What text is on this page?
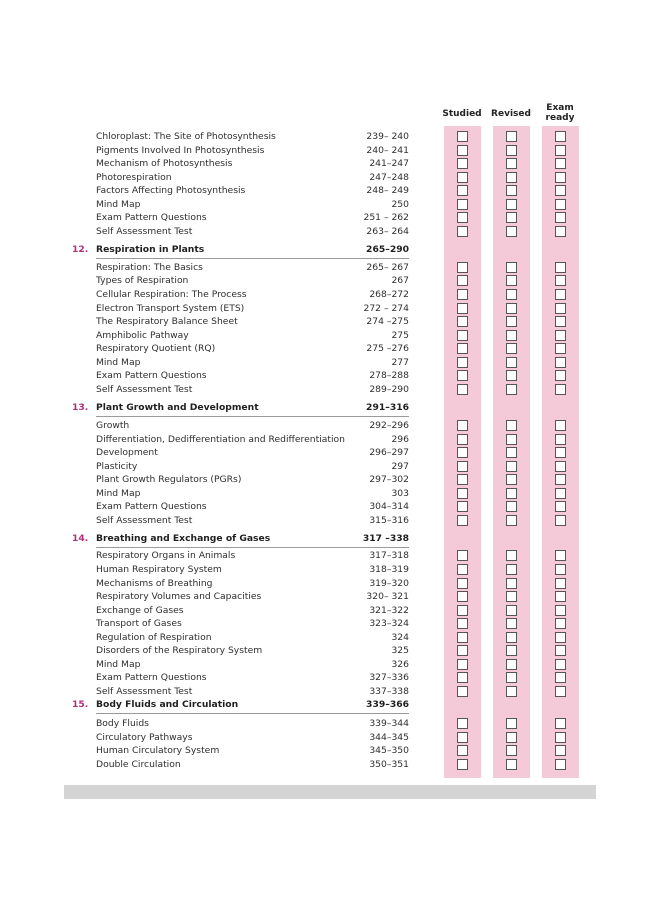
Studied Revised
Exam
ready
Chloroplast: The Site of Photosynthesis	239– 240
Pigments Involved In Photosynthesis	240– 241
Mechanism of Photosynthesis	241–247
Photorespiration	247–248
Factors Affecting Photosynthesis	248– 249
Mind Map	250
Exam Pattern Questions	251 – 262
Self Assessment Test	263– 264
12. Respiration in Plants	265–290
Respiration: The Basics	265– 267
Types of Respiration	267
Cellular Respiration: The Process	268–272
Electron Transport System (ETS)	272 – 274
The Respiratory Balance Sheet	274 –275
Amphibolic Pathway	275
Respiratory Quotient (RQ)	275 –276
Mind Map	277
Exam Pattern Questions	278–288
Self Assessment Test	289–290
13. Plant Growth and Development	291–316
Growth	292–296
Differentiation, Dedifferentiation and Redifferentiation	296
Development	296–297
Plasticity	297
Plant Growth Regulators (PGRs)	297–302
Mind Map	303
Exam Pattern Questions	304–314
Self Assessment Test	315–316
14. Breathing and Exchange of Gases	317 –338
Respiratory Organs in Animals	317–318
Human Respiratory System	318–319
Mechanisms of Breathing	319–320
Respiratory Volumes and Capacities	320– 321
Exchange of Gases	321–322
Transport of Gases	323–324
Regulation of Respiration	324
Disorders of the Respiratory System	325
Mind Map	326
Exam Pattern Questions	327–336
Self Assessment Test	337–338
15. Body Fluids and Circulation	339–366
Body Fluids	339–344
Circulatory Pathways	344–345
Human Circulatory System	345–350
Double Circulation	350–351
